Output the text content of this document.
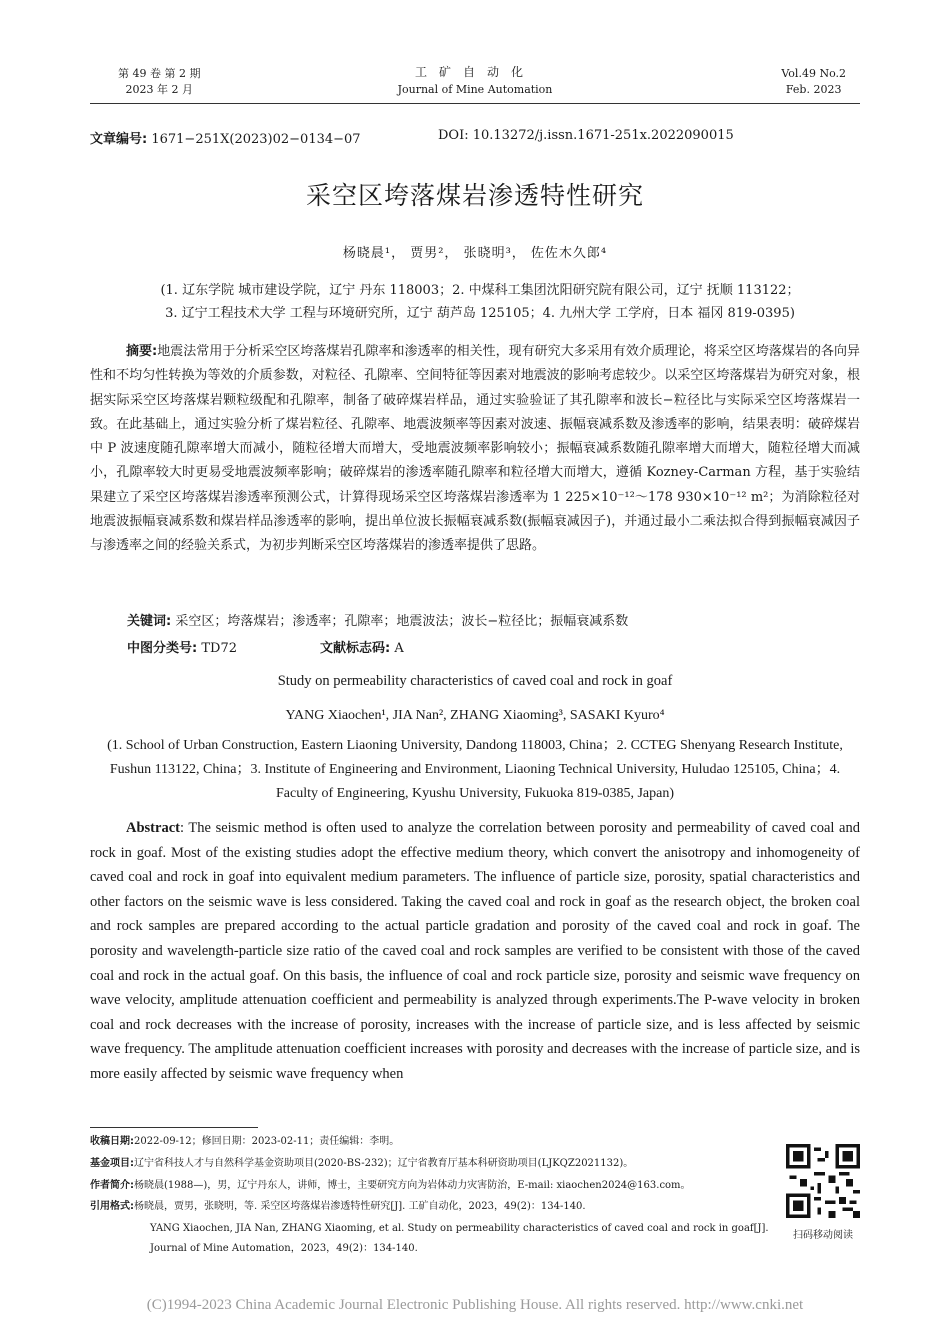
第 49 卷 第 2 期
2023 年 2 月
工矿自动化
Journal of Mine Automation
Vol.49 No.2
Feb. 2023
文章编号: 1671−251X(2023)02−0134−07	DOI: 10.13272/j.issn.1671-251x.2022090015
采空区垮落煤岩渗透特性研究
杨晓晨¹， 贾男²， 张晓明³， 佐佐木久郎⁴
(1. 辽东学院 城市建设学院，辽宁 丹东 118003；2. 中煤科工集团沈阳研究院有限公司，辽宁 抚顺 113122；
3. 辽宁工程技术大学 工程与环境研究所，辽宁 葫芦岛 125105；4. 九州大学 工学府，日本 福冈 819-0395)
摘要:地震法常用于分析采空区垮落煤岩孔隙率和渗透率的相关性，现有研究大多采用有效介质理论，将采空区垮落煤岩的各向异性和不均匀性转换为等效的介质参数，对粒径、孔隙率、空间特征等因素对地震波的影响考虑较少。以采空区垮落煤岩为研究对象，根据实际采空区垮落煤岩颗粒级配和孔隙率，制备了破碎煤岩样品，通过实验验证了其孔隙率和波长−粒径比与实际采空区垮落煤岩一致。在此基础上，通过实验分析了煤岩粒径、孔隙率、地震波频率等因素对波速、振幅衰减系数及渗透率的影响，结果表明：破碎煤岩中 P 波速度随孔隙率增大而减小，随粒径增大而增大，受地震波频率影响较小；振幅衰减系数随孔隙率增大而增大，随粒径增大而减小，孔隙率较大时更易受地震波频率影响；破碎煤岩的渗透率随孔隙率和粒径增大而增大，遵循 Kozney-Carman 方程，基于实验结果建立了采空区垮落煤岩渗透率预测公式，计算得现场采空区垮落煤岩渗透率为 1 225×10⁻¹²～178 930×10⁻¹² m²；为消除粒径对地震波振幅衰减系数和煤岩样品渗透率的影响，提出单位波长振幅衰减系数(振幅衰减因子)，并通过最小二乘法拟合得到振幅衰减因子与渗透率之间的经验关系式，为初步判断采空区垮落煤岩的渗透率提供了思路。
关键词: 采空区；垮落煤岩；渗透率；孔隙率；地震波法；波长−粒径比；振幅衰减系数
中图分类号: TD72	文献标志码: A
Study on permeability characteristics of caved coal and rock in goaf
YANG Xiaochen¹, JIA Nan², ZHANG Xiaoming³, SASAKI Kyuro⁴
(1. School of Urban Construction, Eastern Liaoning University, Dandong 118003, China；2. CCTEG Shenyang Research Institute, Fushun 113122, China；3. Institute of Engineering and Environment, Liaoning Technical University, Huludao 125105, China；4. Faculty of Engineering, Kyushu University, Fukuoka 819-0385, Japan)
Abstract: The seismic method is often used to analyze the correlation between porosity and permeability of caved coal and rock in goaf. Most of the existing studies adopt the effective medium theory, which convert the anisotropy and inhomogeneity of caved coal and rock in goaf into equivalent medium parameters. The influence of particle size, porosity, spatial characteristics and other factors on the seismic wave is less considered. Taking the caved coal and rock in goaf as the research object, the broken coal and rock samples are prepared according to the actual particle gradation and porosity of the caved coal and rock in goaf. The porosity and wavelength-particle size ratio of the caved coal and rock samples are verified to be consistent with those of the caved coal and rock in the actual goaf. On this basis, the influence of coal and rock particle size, porosity and seismic wave frequency on wave velocity, amplitude attenuation coefficient and permeability is analyzed through experiments.The P-wave velocity in broken coal and rock decreases with the increase of porosity, increases with the increase of particle size, and is less affected by seismic wave frequency. The amplitude attenuation coefficient increases with porosity and decreases with the increase of particle size, and is more easily affected by seismic wave frequency when
收稿日期:2022-09-12；修回日期：2023-02-11；责任编辑：李明。
基金项目:辽宁省科技人才与自然科学基金资助项目(2020-BS-232)；辽宁省教育厅基本科研资助项目(LJKQZ2021132)。
作者简介:杨晓晨(1988—)，男，辽宁丹东人，讲师，博士，主要研究方向为岩体动力灾害防治，E-mail: xiaochen2024@163.com。
引用格式:杨晓晨，贾男，张晓明，等. 采空区垮落煤岩渗透特性研究[J]. 工矿自动化，2023，49(2)：134-140.
YANG Xiaochen, JIA Nan, ZHANG Xiaoming, et al. Study on permeability characteristics of caved coal and rock in goaf[J].
Journal of Mine Automation，2023，49(2)：134-140.
扫码移动阅读
(C)1994-2023 China Academic Journal Electronic Publishing House. All rights reserved. http://www.cnki.net
